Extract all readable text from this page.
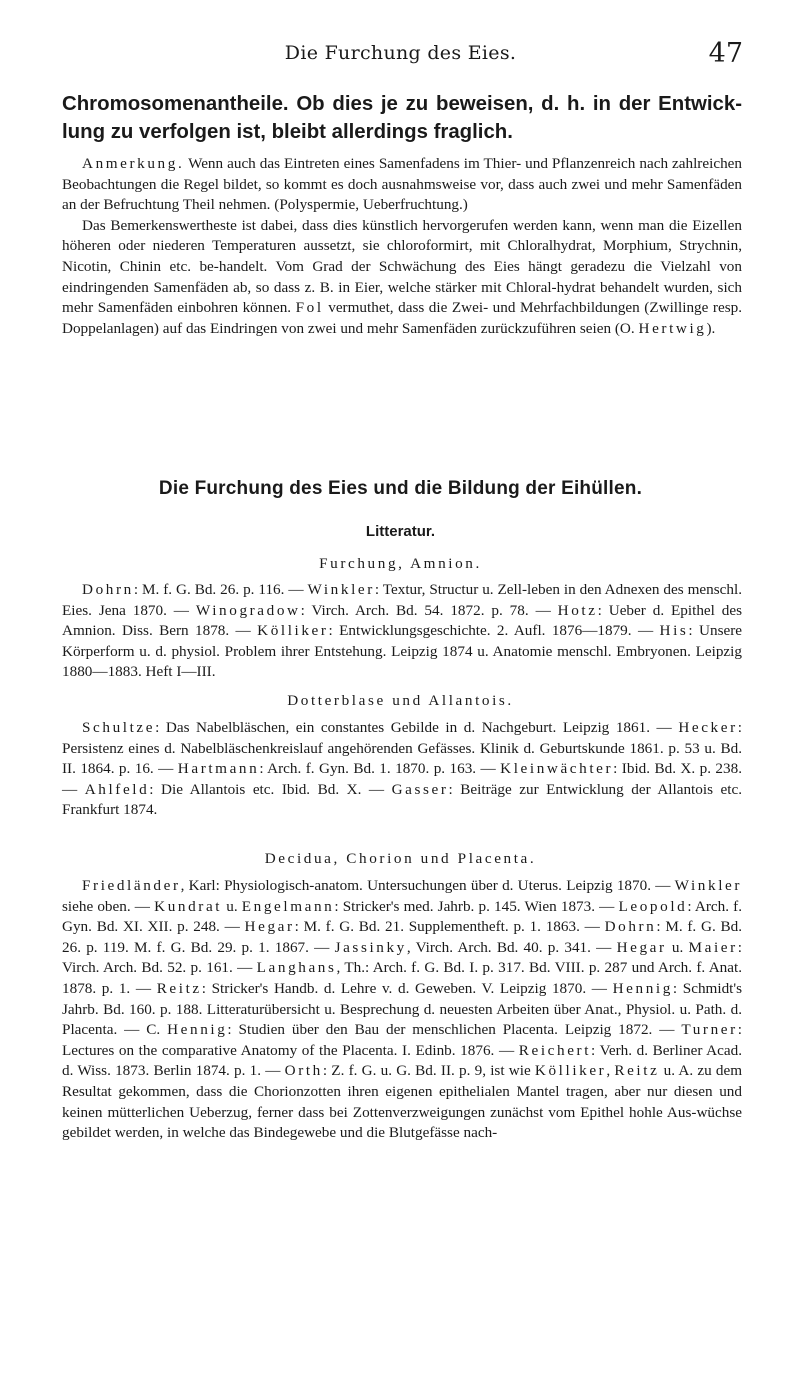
Die Furchung des Eies.	47
Chromosomenantheile. Ob dies je zu beweisen, d. h. in der Entwick-lung zu verfolgen ist, bleibt allerdings fraglich.

Anmerkung. Wenn auch das Eintreten eines Samenfadens im Thier- und Pflanzenreich nach zahlreichen Beobachtungen die Regel bildet, so kommt es doch ausnahmsweise vor, dass auch zwei und mehr Samenfäden an der Befruchtung Theil nehmen. (Polyspermie, Ueberfruchtung.)

Das Bemerkenswertheste ist dabei, dass dies künstlich hervorgerufen werden kann, wenn man die Eizellen höheren oder niederen Temperaturen aussetzt, sie chloroformirt, mit Chloralhydrat, Morphium, Strychnin, Nicotin, Chinin etc. be-handelt. Vom Grad der Schwächung des Eies hängt geradezu die Vielzahl von eindringenden Samenfäden ab, so dass z. B. in Eier, welche stärker mit Chloral-hydrat behandelt wurden, sich mehr Samenfäden einbohren können. Fol vermuthet, dass die Zwei- und Mehrfachbildungen (Zwillinge resp. Doppelanlagen) auf das Eindringen von zwei und mehr Samenfäden zurückzuführen seien (O. Hertwig).

Die Furchung des Eies und die Bildung der Eihüllen.
Litteratur.
Furchung, Amnion.

Dohrn: M. f. G. Bd. 26. p. 116. — Winkler: Textur, Structur u. Zell-leben in den Adnexen des menschl. Eies. Jena 1870. — Winogradow: Virch. Arch. Bd. 54. 1872. p. 78. — Hotz: Ueber d. Epithel des Amnion. Diss. Bern 1878. — Kölliker: Entwicklungsgeschichte. 2. Aufl. 1876—1879. — His: Unsere Körperform u. d. physiol. Problem ihrer Entstehung. Leipzig 1874 u. Anatomie menschl. Embryonen. Leipzig 1880—1883. Heft I—III.

Dotterblase und Allantois.

Schultze: Das Nabelbläschen, ein constantes Gebilde in d. Nachgeburt. Leipzig 1861. — Hecker: Persistenz eines d. Nabelbläschenkreislauf angehörenden Gefässes. Klinik d. Geburtskunde 1861. p. 53 u. Bd. II. 1864. p. 16. — Hartmann: Arch. f. Gyn. Bd. 1. 1870. p. 163. — Kleinwächter: Ibid. Bd. X. p. 238. — Ahlfeld: Die Allantois etc. Ibid. Bd. X. — Gasser: Beiträge zur Entwicklung der Allantois etc. Frankfurt 1874.

Decidua, Chorion und Placenta.

Friedländer, Karl: Physiologisch-anatom. Untersuchungen über d. Uterus. Leipzig 1870. — Winkler siehe oben. — Kundrat u. Engelmann: Stricker's med. Jahrb. p. 145. Wien 1873. — Leopold: Arch. f. Gyn. Bd. XI. XII. p. 248. — Hegar: M. f. G. Bd. 21. Supplementheft. p. 1. 1863. — Dohrn: M. f. G. Bd. 26. p. 119. M. f. G. Bd. 29. p. 1. 1867. — Jassinky, Virch. Arch. Bd. 40. p. 341. — Hegar u. Maier: Virch. Arch. Bd. 52. p. 161. — Langhans, Th.: Arch. f. G. Bd. I. p. 317. Bd. VIII. p. 287 und Arch. f. Anat. 1878. p. 1. — Reitz: Stricker's Handb. d. Lehre v. d. Geweben. V. Leipzig 1870. — Hennig: Schmidt's Jahrb. Bd. 160. p. 188. Litteraturübersicht u. Besprechung d. neuesten Arbeiten über Anat., Physiol. u. Path. d. Placenta. — C. Hennig: Studien über den Bau der menschlichen Placenta. Leipzig 1872. — Turner: Lectures on the comparative Anatomy of the Placenta. I. Edinb. 1876. — Reichert: Verh. d. Berliner Acad. d. Wiss. 1873. Berlin 1874. p. 1. — Orth: Z. f. G. u. G. Bd. II. p. 9, ist wie Kölliker, Reitz u. A. zu dem Resultat gekommen, dass die Chorionzotten ihren eigenen epithelialen Mantel tragen, aber nur diesen und keinen mütterlichen Ueberzug, ferner dass bei Zottenverzweigungen zunächst vom Epithel hohle Aus-wüchse gebildet werden, in welche das Bindegewebe und die Blutgefässe nach-
